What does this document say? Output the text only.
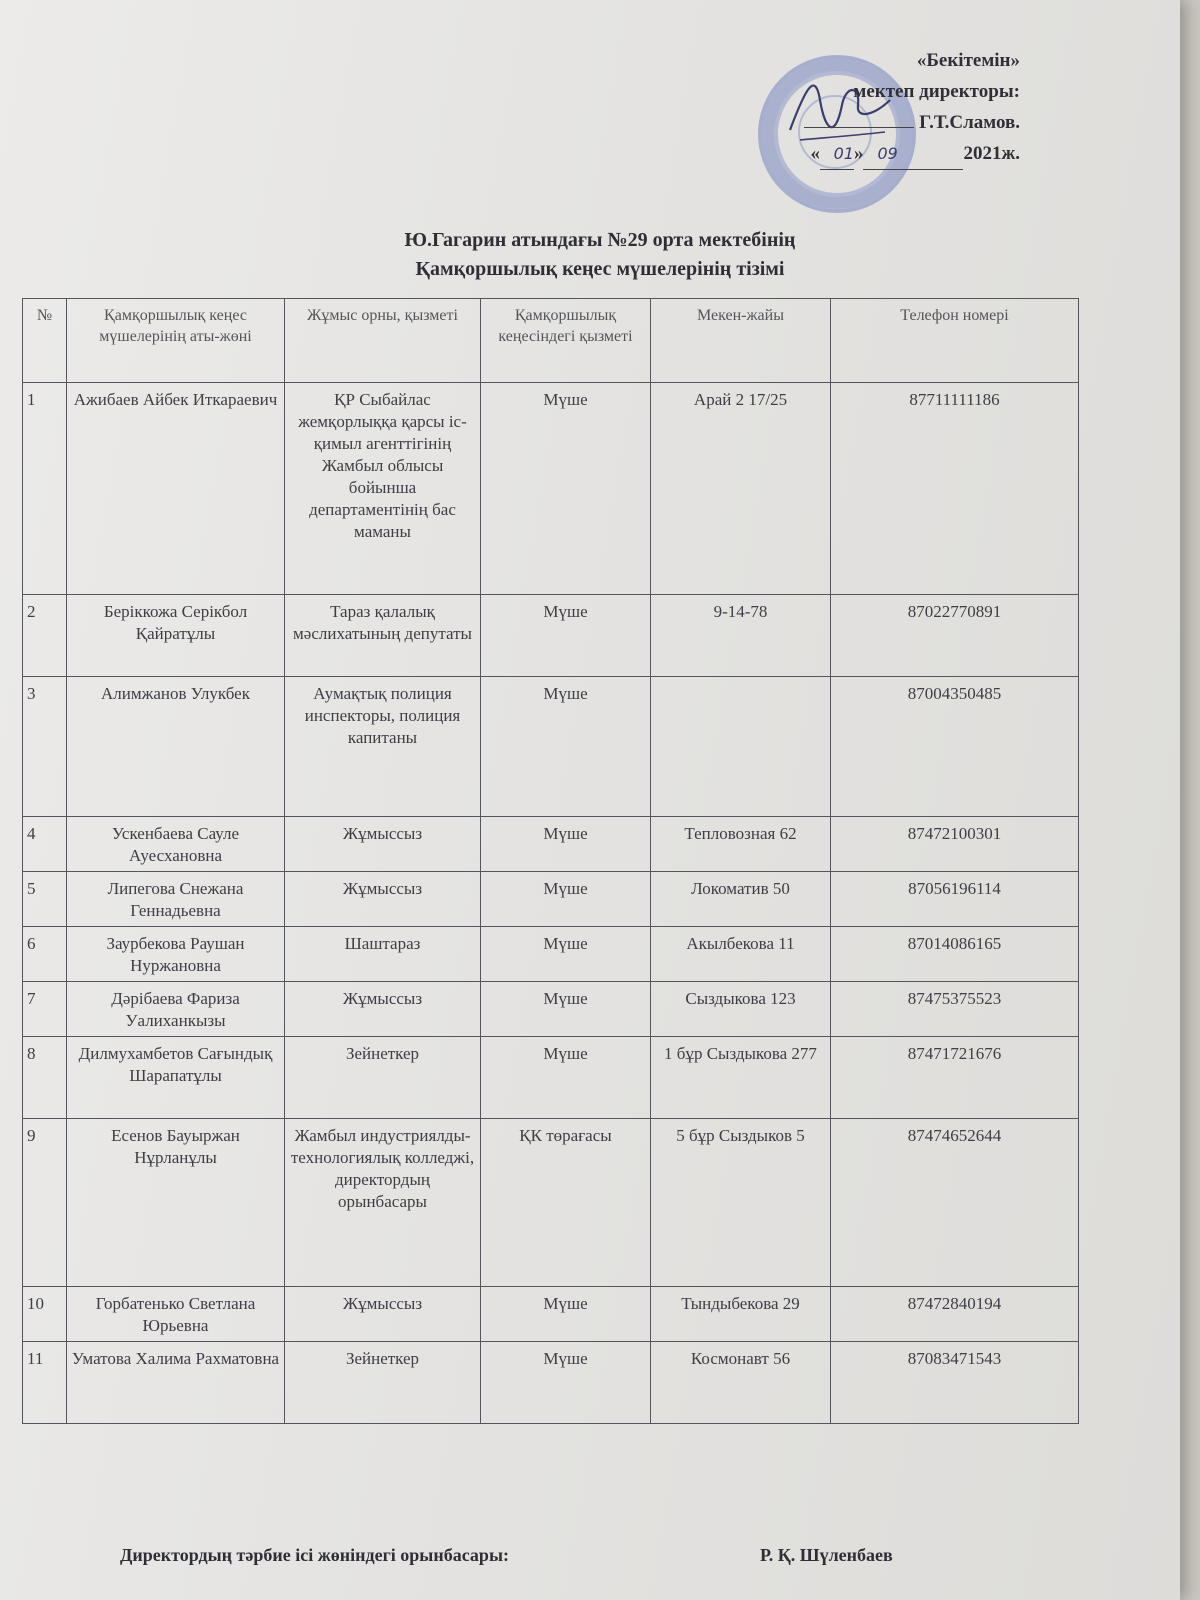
«Бекітемін»
мектеп директоры:
Г.Т.Сламов.
« 01» 09	2021ж.
Ю.Гагарин атындағы №29 орта мектебінің
Қамқоршылық кеңес мүшелерінің тізімі
№	Қамқоршылық кеңес мүшелерінің аты-жөні	Жұмыс орны, қызметі	Қамқоршылық кеңесіндегі қызметі	Мекен-жайы	Телефон номері
1	Ажибаев Айбек Иткараевич	ҚР Сыбайлас жемқорлыққа қарсы іс-қимыл агенттігінің Жамбыл облысы бойынша департаментінің бас маманы	Мүше	Арай 2 17/25	87711111186
2	Беріккожа Серікбол Қайратұлы	Тараз қалалық мәслихатының депутаты	Мүше	9-14-78	87022770891
3	Алимжанов Улукбек	Аумақтық полиция инспекторы, полиция капитаны	Мүше		87004350485
4	Ускенбаева Сауле Ауесхановна	Жұмыссыз	Мүше	Тепловозная 62	87472100301
5	Липегова Снежана Геннадьевна	Жұмыссыз	Мүше	Локоматив 50	87056196114
6	Заурбекова Раушан Нуржановна	Шаштараз	Мүше	Акылбекова 11	87014086165
7	Дәрібаева Фариза Уалиханкызы	Жұмыссыз	Мүше	Сыздыкова 123	87475375523
8	Дилмухамбетов Сағындық Шарапатұлы	Зейнеткер	Мүше	1 бұр Сыздыкова 277	87471721676
9	Есенов Бауыржан Нұрланұлы	Жамбыл индустриялды-технологиялық колледжі, директордың орынбасары	ҚК төрағасы	5 бұр Сыздыков 5	87474652644
10	Горбатенько Светлана Юрьевна	Жұмыссыз	Мүше	Тындыбекова 29	87472840194
11	Уматова Халима Рахматовна	Зейнеткер	Мүше	Космонавт 56	87083471543
Директордың тәрбие ісі жөніндегі орынбасары:	Р. Қ. Шүленбаев
